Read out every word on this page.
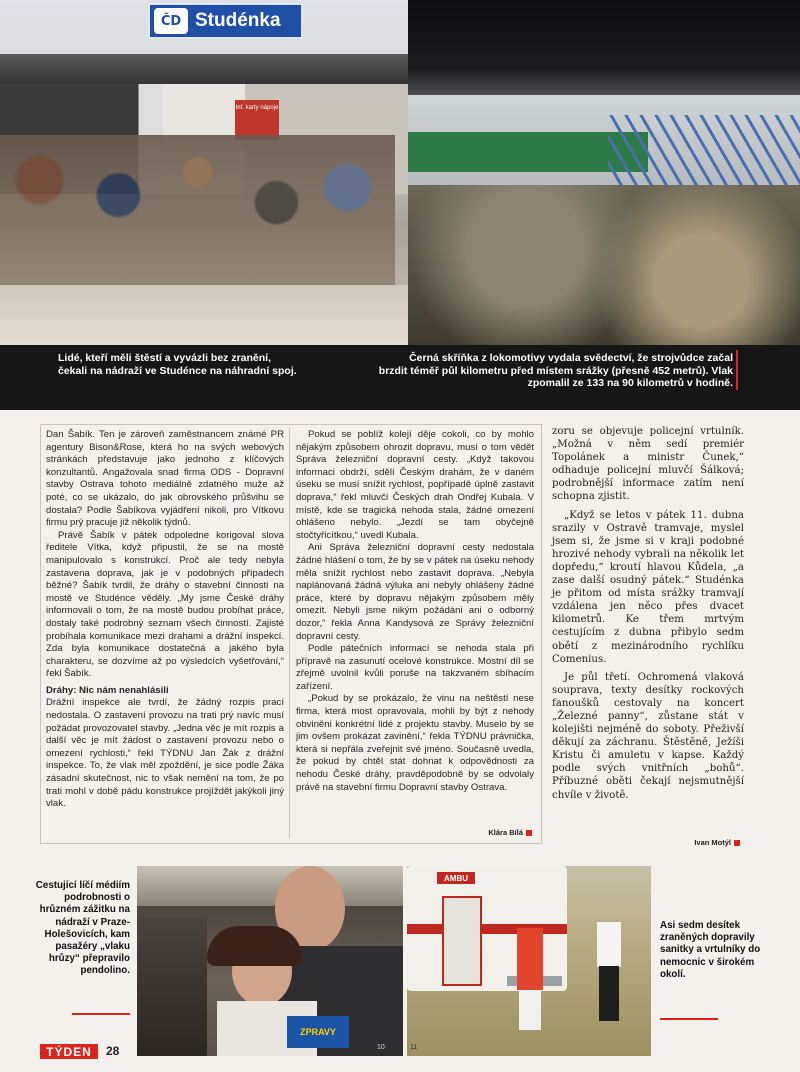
ČD Studénka
Inf. karty nápoje
Lidé, kteří měli štěstí a vyvázli bez zranění, čekali na nádraží ve Studénce na náhradní spoj.
Černá skříňka z lokomotivy vydala svědectví, že strojvůdce začal brzdit téměř půl kilometru před místem srážky (přesně 452 metrů). Vlak zpomalil ze 133 na 90 kilometrů v hodině.

Dan Šabík. Ten je zároveň zaměstnancem známé PR agentury Bison&Rose, která ho na svých webových stránkách představuje jako jednoho z klíčových konzultantů. Angažovala snad firma ODS - Dopravní stavby Ostrava tohoto mediálně zdatného muže až poté, co se ukázalo, do jak obrovského průšvihu se dostala? Podle Šabíkova vyjádření nikoli, pro Vítkovu firmu prý pracuje již několik týdnů.

Právě Šabík v pátek odpoledne korigoval slova ředitele Vítka, když připustil, že se na mostě manipulovalo s konstrukcí. Proč ale tedy nebyla zastavena doprava, jak je v podobných případech běžné? Šabík tvrdil, že dráhy o stavební činnosti na mostě ve Studénce věděly. „My jsme České dráhy informovali o tom, že na mostě budou probíhat práce, dostaly také podrobný seznam všech činností. Zajisté probíhala komunikace mezi drahami a drážní inspekcí. Zda byla komunikace dostatečná a jakého byla charakteru, se dozvíme až po výsledcích vyšetřování,“ řekl Šabík.

Dráhy: Nic nám nenahlásili

Drážní inspekce ale tvrdí, že žádný rozpis prací nedostala. O zastavení provozu na trati prý navíc musí požádat provozovatel stavby. „Jedna věc je mít rozpis a další věc je mít žádost o zastavení provozu nebo o omezení rychlosti,“ řekl TÝDNU Jan Žák z drážní inspekce. To, že vlak měl zpoždění, je sice podle Žáka zásadní skutečnost, nic to však nemění na tom, že po trati mohl v době pádu konstrukce projíždět jakýkoli jiný vlak.

Pokud se poblíž kolejí děje cokoli, co by mohlo nějakým způsobem ohrozit dopravu, musí o tom vědět Správa železniční dopravní cesty. „Když takovou informaci obdrží, sdělí Českým drahám, že v daném úseku se musí snížit rychlost, popřípadě úplně zastavit doprava,“ řekl mluvčí Českých drah Ondřej Kubala. V místě, kde se tragická nehoda stala, žádné omezení ohlášeno nebylo. „Jezdí se tam obyčejně stočtyřicítkou,“ uvedl Kubala.

Ani Správa železniční dopravní cesty nedostala žádné hlášení o tom, že by se v pátek na úseku nehody měla snížit rychlost nebo zastavit doprava. „Nebyla naplánovaná žádná výluka ani nebyly ohlášeny žádné práce, které by dopravu nějakým způsobem měly omezit. Nebyli jsme nikým požádáni ani o odborný dozor,“ řekla Anna Kandysová ze Správy železniční dopravní cesty.

Podle pátečních informací se nehoda stala při přípravě na zasunutí ocelové konstrukce. Mostní díl se zřejmě uvolnil kvůli poruše na takzvaném sbíhacím zařízení.

„Pokud by se prokázalo, že vinu na neštěstí nese firma, která most opravovala, mohli by být z nehody obviněni konkrétní lidé z projektu stavby. Muselo by se jim ovšem prokázat zavinění,“ řekla TÝDNU právnička, která si nepřála zveřejnit své jméno. Současně uvedla, že pokud by chtěl stát dohnat k odpovědnosti za nehodu České dráhy, pravděpodobně by se odvolaly právě na stavební firmu Dopravní stavby Ostrava.

Klára Bílá

zoru se objevuje policejní vrtulník. „Možná v něm sedí premiér Topolánek a ministr Čunek,“ odhaduje policejní mluvčí Šálková; podrobnější informace zatím není schopna zjistit.

„Když se letos v pátek 11. dubna srazily v Ostravě tramvaje, myslel jsem si, že jsme si v kraji podobné hrozivé nehody vybrali na několik let dopředu,“ kroutí hlavou Kůdela, „a zase další osudný pátek.“ Studénka je přitom od místa srážky tramvají vzdálena jen něco přes dvacet kilometrů. Ke třem mrtvým cestujícím z dubna přibylo sedm obětí z mezinárodního rychlíku Comenius.

Je půl třetí. Ochromená vlaková souprava, texty desítky rockových fanoušků cestovaly na koncert „Železné panny“, zůstane stát v kolejišti nejméně do soboty. Přeživší děkují za záchranu. Štěstěně, Ježíši Kristu či amuletu v kapse. Každý podle svých vnitřních „bohů“. Příbuzné oběti čekají nejsmutnější chvíle v životě.

Ivan Motýl
Cestující líčí médiím podrobnosti o hrůzném zážitku na nádraží v Praze-Holešovicích, kam pasažéry „vlaku hrůzy“ přepravilo pendolino.
ZPRAVY
10
AMBU
11
Asi sedm desítek zraněných dopravily sanitky a vrtulníky do nemocnic v širokém okolí.
TÝDEN	28
